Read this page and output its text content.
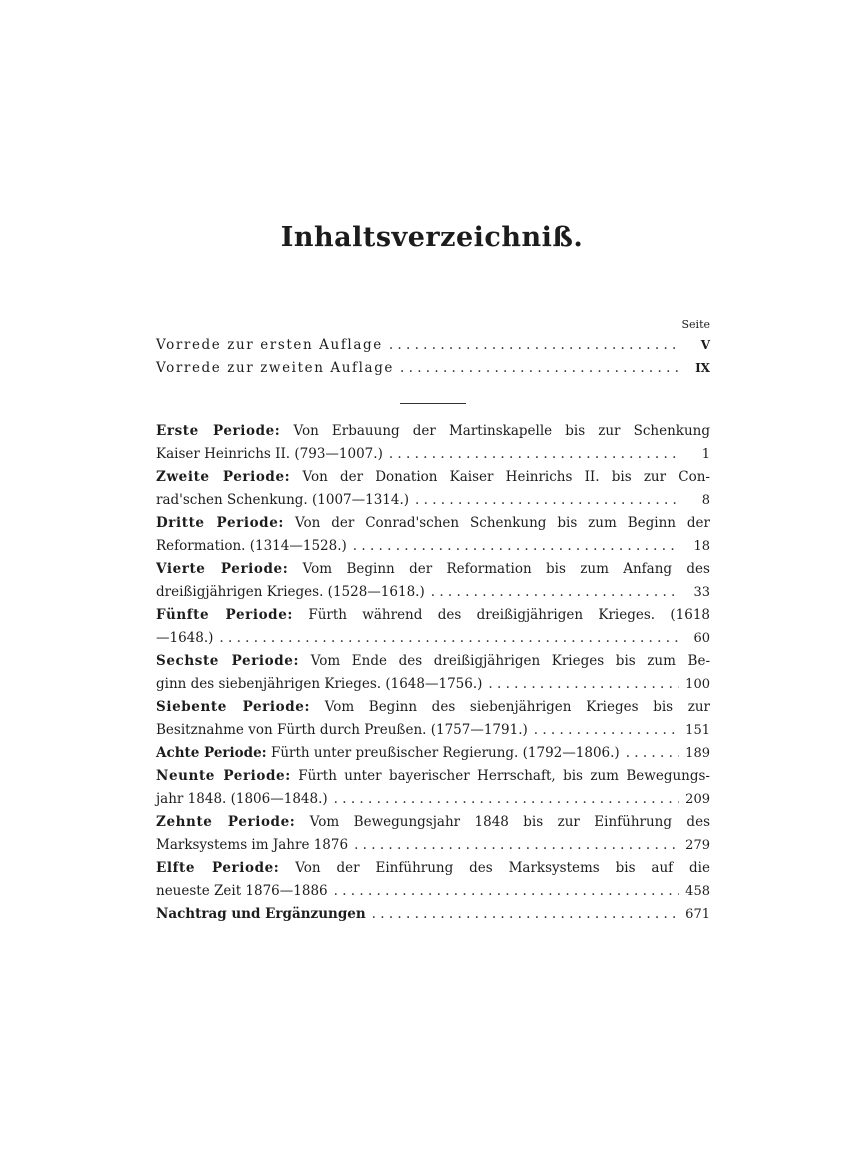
Inhaltsverzeichniß.
Seite
Vorrede zur ersten Auflage . . .	V
Vorrede zur zweiten Auflage . . .	IX
Erste Periode: Von Erbauung der Martinskapelle bis zur Schenkung
Kaiser Heinrichs II. (793—1007.) . . .	1
Zweite Periode: Von der Donation Kaiser Heinrichs II. bis zur Con-
rad'schen Schenkung. (1007—1314.) . . .	8
Dritte Periode: Von der Conrad'schen Schenkung bis zum Beginn der
Reformation. (1314—1528.) . . .	18
Vierte Periode: Vom Beginn der Reformation bis zum Anfang des
dreißigjährigen Krieges. (1528—1618.) . . .	33
Fünfte Periode: Fürth während des dreißigjährigen Krieges. (1618
—1648.) . . .	60
Sechste Periode: Vom Ende des dreißigjährigen Krieges bis zum Be-
ginn des siebenjährigen Krieges. (1648—1756.) . . .	100
Siebente Periode: Vom Beginn des siebenjährigen Krieges bis zur
Besitznahme von Fürth durch Preußen. (1757—1791.) . . .	151
Achte Periode: Fürth unter preußischer Regierung. (1792—1806.) . . .	189
Neunte Periode: Fürth unter bayerischer Herrschaft, bis zum Bewegungs-
jahr 1848. (1806—1848.) . . .	209
Zehnte Periode: Vom Bewegungsjahr 1848 bis zur Einführung des
Marksystems im Jahre 1876 . . .	279
Elfte Periode: Von der Einführung des Marksystems bis auf die
neueste Zeit 1876—1886 . . .	458
Nachtrag und Ergänzungen . . .	671
